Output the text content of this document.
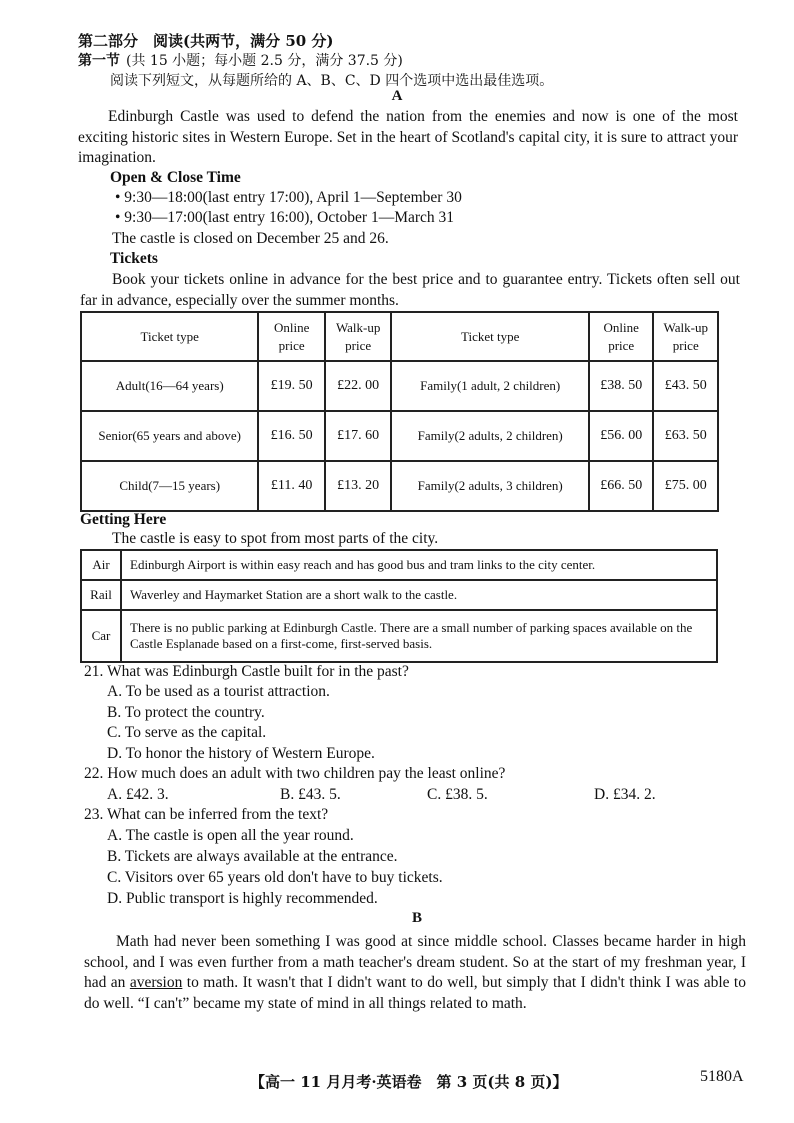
第二部分　阅读(共两节，满分 50 分)
第一节 (共 15 小题；每小题 2.5 分，满分 37.5 分)
阅读下列短文，从每题所给的 A、B、C、D 四个选项中选出最佳选项。
A
Edinburgh Castle was used to defend the nation from the enemies and now is one of the most exciting historic sites in Western Europe. Set in the heart of Scotland's capital city, it is sure to attract your imagination.
Open & Close Time
• 9:30—18:00(last entry 17:00), April 1—September 30
• 9:30—17:00(last entry 16:00), October 1—March 31
The castle is closed on December 25 and 26.
Tickets
Book your tickets online in advance for the best price and to guarantee entry. Tickets often sell out far in advance, especially over the summer months.
Ticket type	Online price	Walk-up price	Ticket type	Online price	Walk-up price
Adult(16—64 years)	£19. 50	£22. 00	Family(1 adult, 2 children)	£38. 50	£43. 50
Senior(65 years and above)	£16. 50	£17. 60	Family(2 adults, 2 children)	£56. 00	£63. 50
Child(7—15 years)	£11. 40	£13. 20	Family(2 adults, 3 children)	£66. 50	£75. 00
Getting Here
The castle is easy to spot from most parts of the city.
Air	Edinburgh Airport is within easy reach and has good bus and tram links to the city center.
Rail	Waverley and Haymarket Station are a short walk to the castle.
Car	There is no public parking at Edinburgh Castle. There are a small number of parking spaces available on the Castle Esplanade based on a first-come, first-served basis.
21. What was Edinburgh Castle built for in the past?
A. To be used as a tourist attraction.
B. To protect the country.
C. To serve as the capital.
D. To honor the history of Western Europe.
22. How much does an adult with two children pay the least online?
A. £42. 3.	B. £43. 5.	C. £38. 5.	D. £34. 2.
23. What can be inferred from the text?
A. The castle is open all the year round.
B. Tickets are always available at the entrance.
C. Visitors over 65 years old don't have to buy tickets.
D. Public transport is highly recommended.
B
Math had never been something I was good at since middle school. Classes became harder in high school, and I was even further from a math teacher's dream student. So at the start of my freshman year, I had an aversion to math. It wasn't that I didn't want to do well, but simply that I didn't think I was able to do well. “I can't” became my state of mind in all things related to math.
【高一 11 月月考·英语卷　第 3 页(共 8 页)】	5180A
